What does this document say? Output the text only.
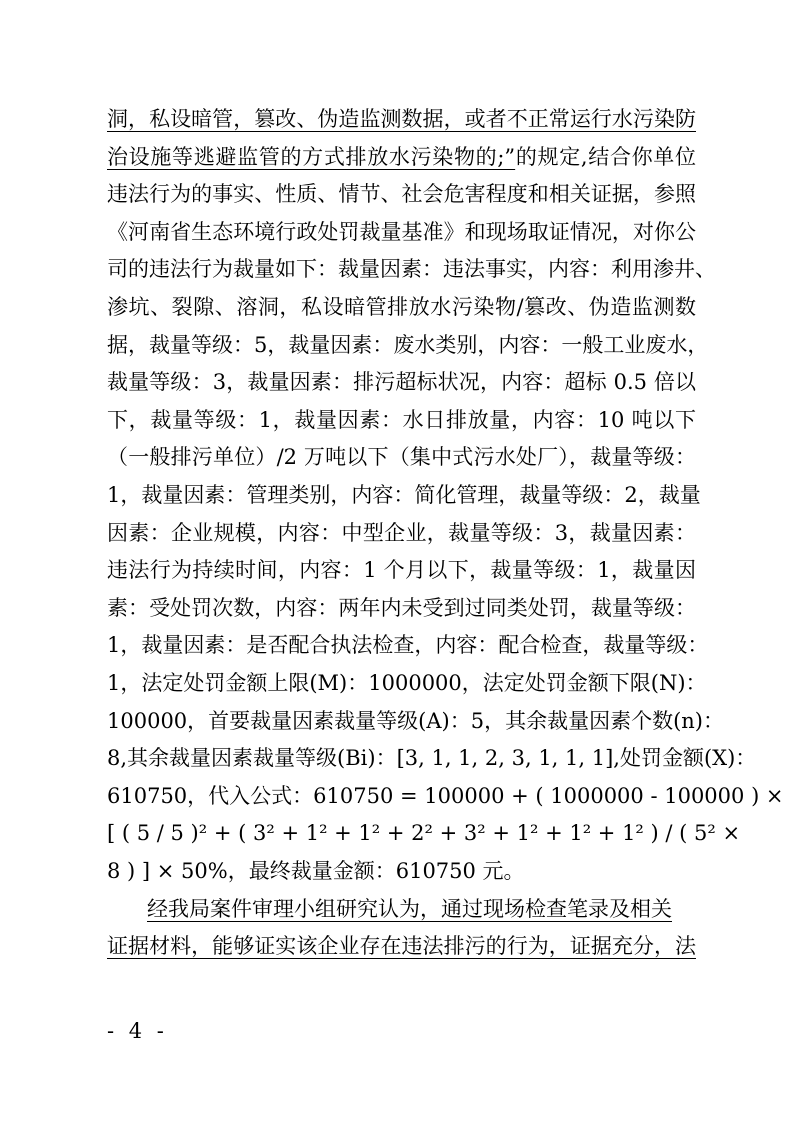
洞，私设暗管，篡改、伪造监测数据，或者不正常运行水污染防
治设施等逃避监管的方式排放水污染物的;”的规定,结合你单位
违法行为的事实、性质、情节、社会危害程度和相关证据，参照
《河南省生态环境行政处罚裁量基准》和现场取证情况，对你公
司的违法行为裁量如下：裁量因素：违法事实，内容：利用渗井、
渗坑、裂隙、溶洞，私设暗管排放水污染物/篡改、伪造监测数
据，裁量等级：5，裁量因素：废水类别，内容：一般工业废水，
裁量等级：3，裁量因素：排污超标状况，内容：超标 0.5 倍以
下，裁量等级：1，裁量因素：水日排放量，内容：10 吨以下
（一般排污单位）/2 万吨以下（集中式污水处厂），裁量等级：
1，裁量因素：管理类别，内容：简化管理，裁量等级：2，裁量
因素：企业规模，内容：中型企业，裁量等级：3，裁量因素：
违法行为持续时间，内容：1 个月以下，裁量等级：1，裁量因
素：受处罚次数，内容：两年内未受到过同类处罚，裁量等级：
1，裁量因素：是否配合执法检查，内容：配合检查，裁量等级：
1，法定处罚金额上限(M)：1000000，法定处罚金额下限(N)：
100000，首要裁量因素裁量等级(A)：5，其余裁量因素个数(n)：
8,其余裁量因素裁量等级(Bi)：[3, 1, 1, 2, 3, 1, 1, 1],处罚金额(X)：
610750，代入公式：610750 = 100000 + ( 1000000 - 100000 ) ×
[ ( 5 / 5 )² + ( 3² + 1² + 1² + 2² + 3² + 1² + 1² + 1² ) / ( 5² ×
8 ) ] × 50%，最终裁量金额：610750 元。
经我局案件审理小组研究认为，通过现场检查笔录及相关
证据材料，能够证实该企业存在违法排污的行为，证据充分，法
- 4 -
